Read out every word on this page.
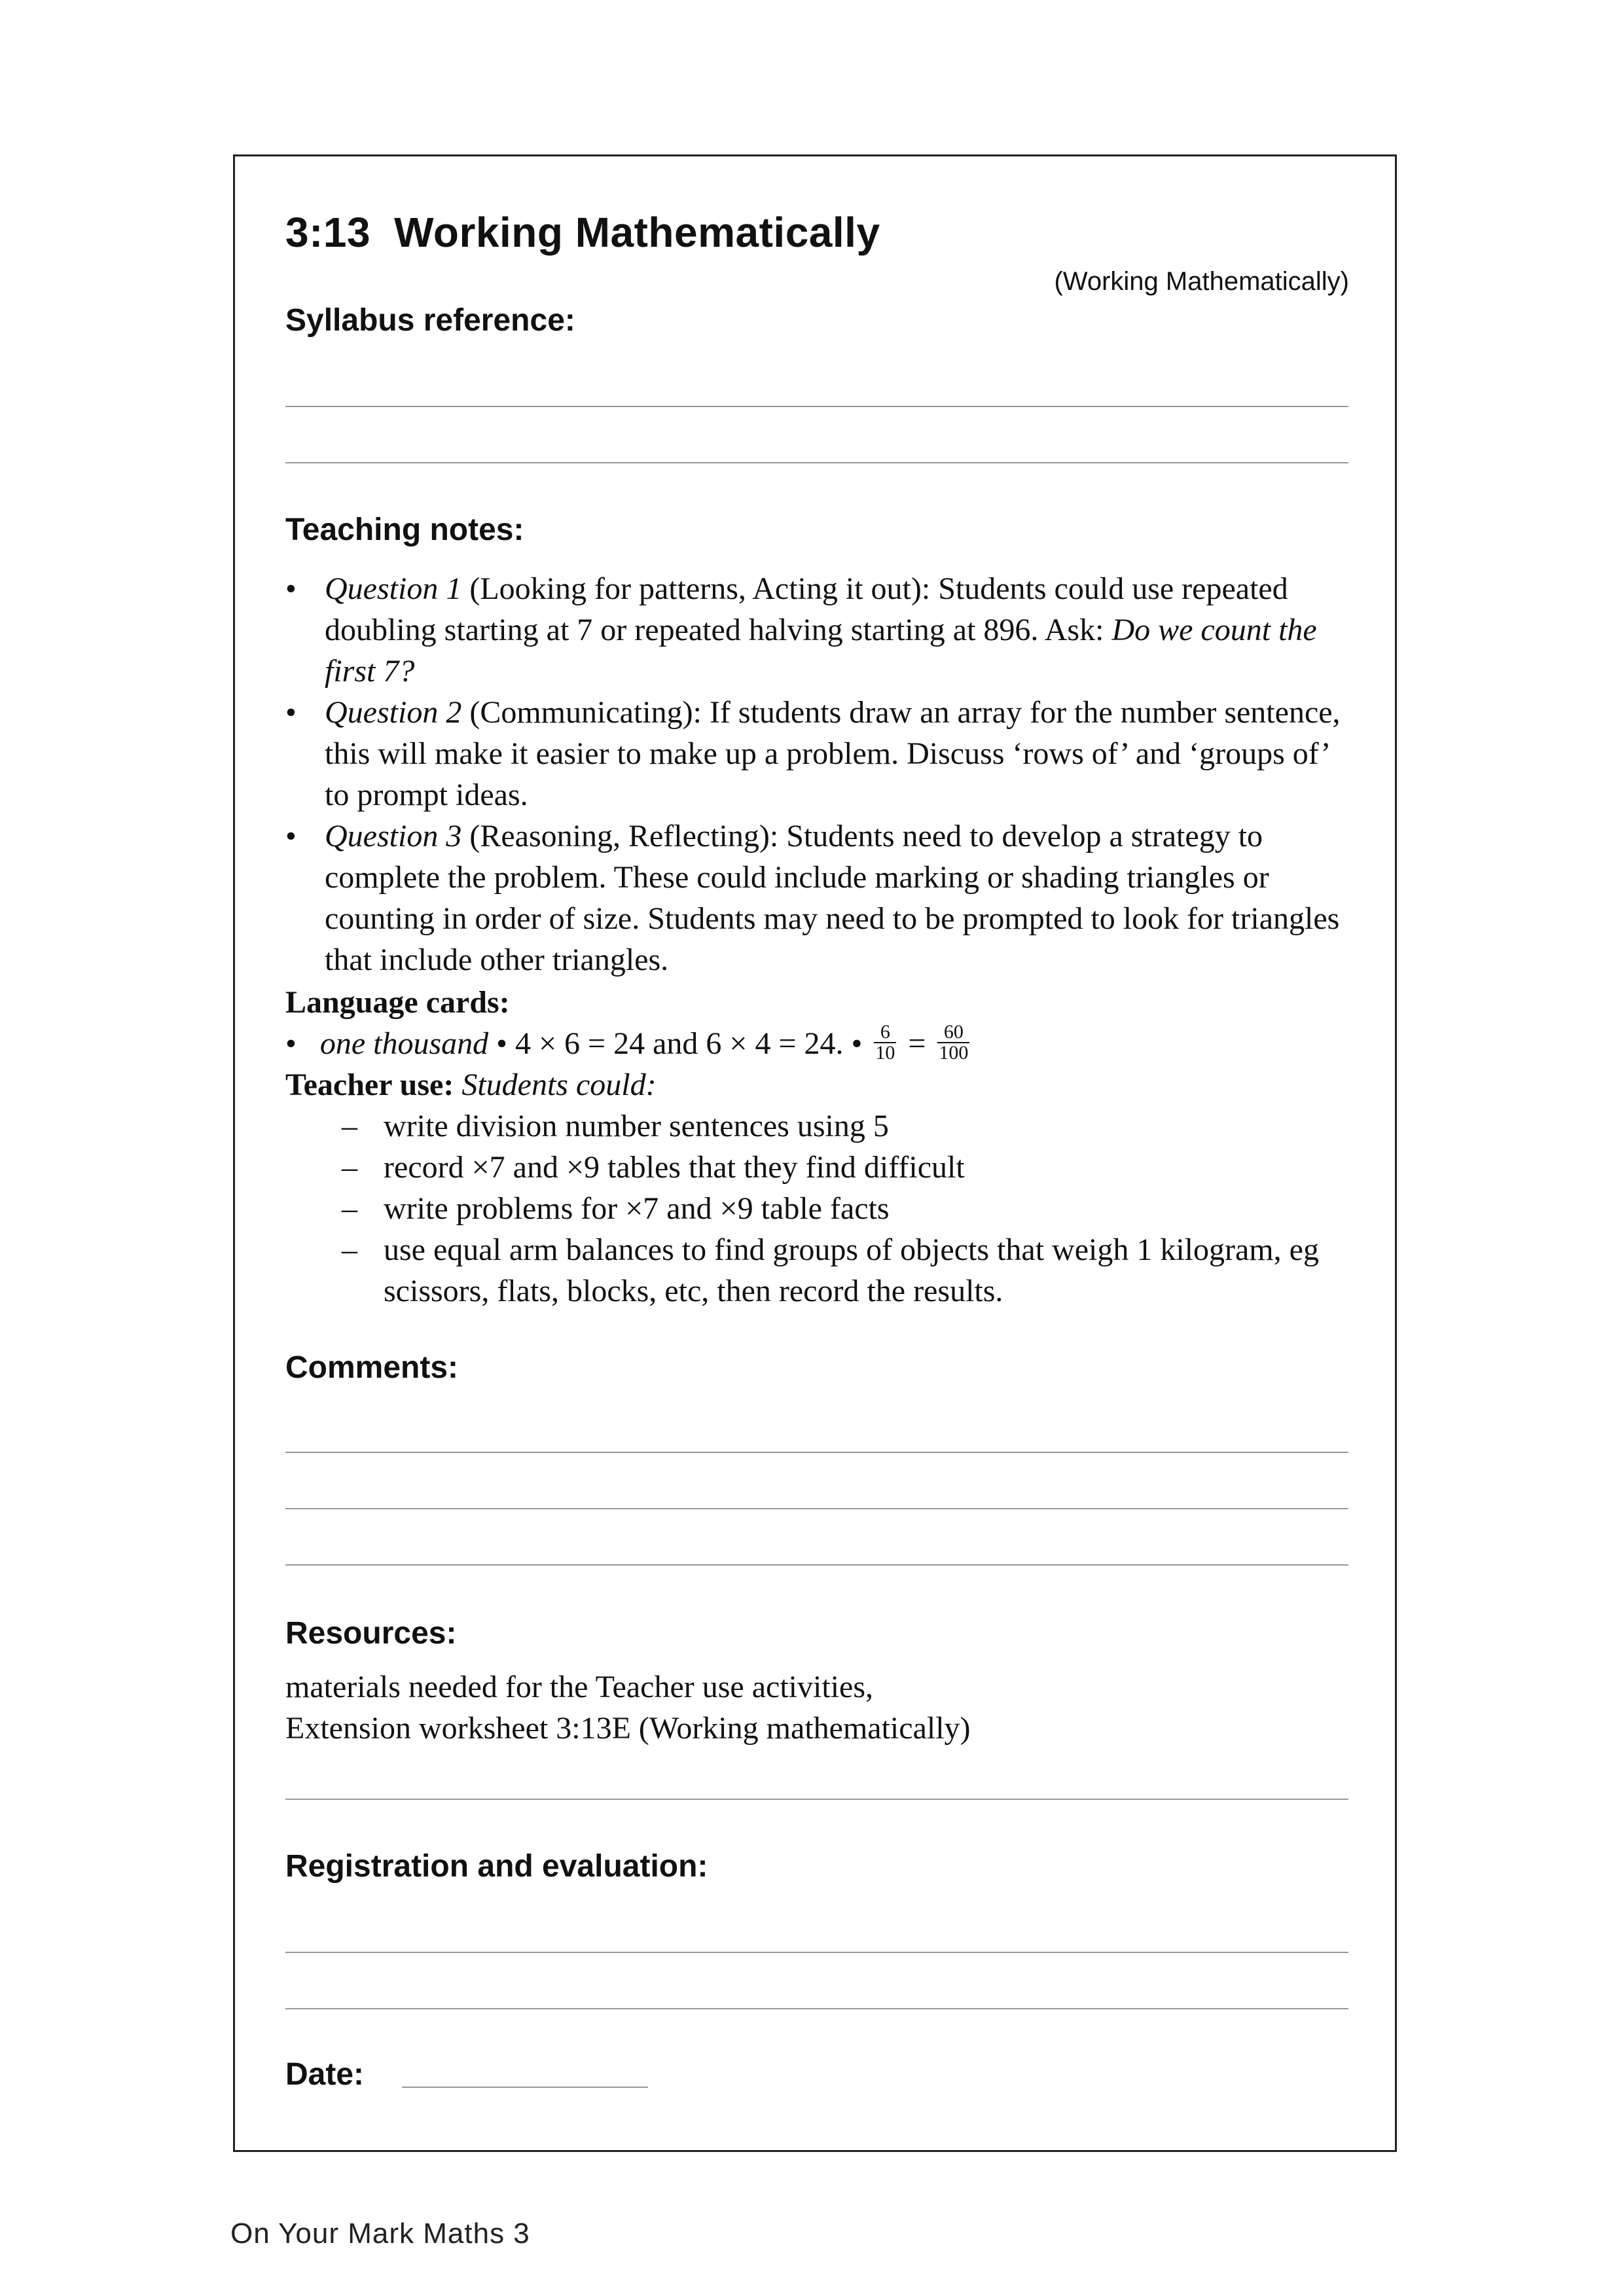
3:13 Working Mathematically
(Working Mathematically)
Syllabus reference:
Teaching notes:
• Question 1 (Looking for patterns, Acting it out): Students could use repeated doubling starting at 7 or repeated halving starting at 896. Ask: Do we count the first 7?
• Question 2 (Communicating): If students draw an array for the number sentence, this will make it easier to make up a problem. Discuss ‘rows of’ and ‘groups of’ to prompt ideas.
• Question 3 (Reasoning, Reflecting): Students need to develop a strategy to complete the problem. These could include marking or shading triangles or counting in order of size. Students may need to be prompted to look for triangles that include other triangles.
Language cards:
• one thousand • 4 × 6 = 24 and 6 × 4 = 24. • $\frac{6}{10} = \frac{60}{100}$
Teacher use: Students could:
– write division number sentences using 5
– record ×7 and ×9 tables that they find difficult
– write problems for ×7 and ×9 table facts
– use equal arm balances to find groups of objects that weigh 1 kilogram, eg scissors, flats, blocks, etc, then record the results.
Comments:
Resources:
materials needed for the Teacher use activities,
Extension worksheet 3:13E (Working mathematically)
Registration and evaluation:
Date:
On Your Mark Maths 3
